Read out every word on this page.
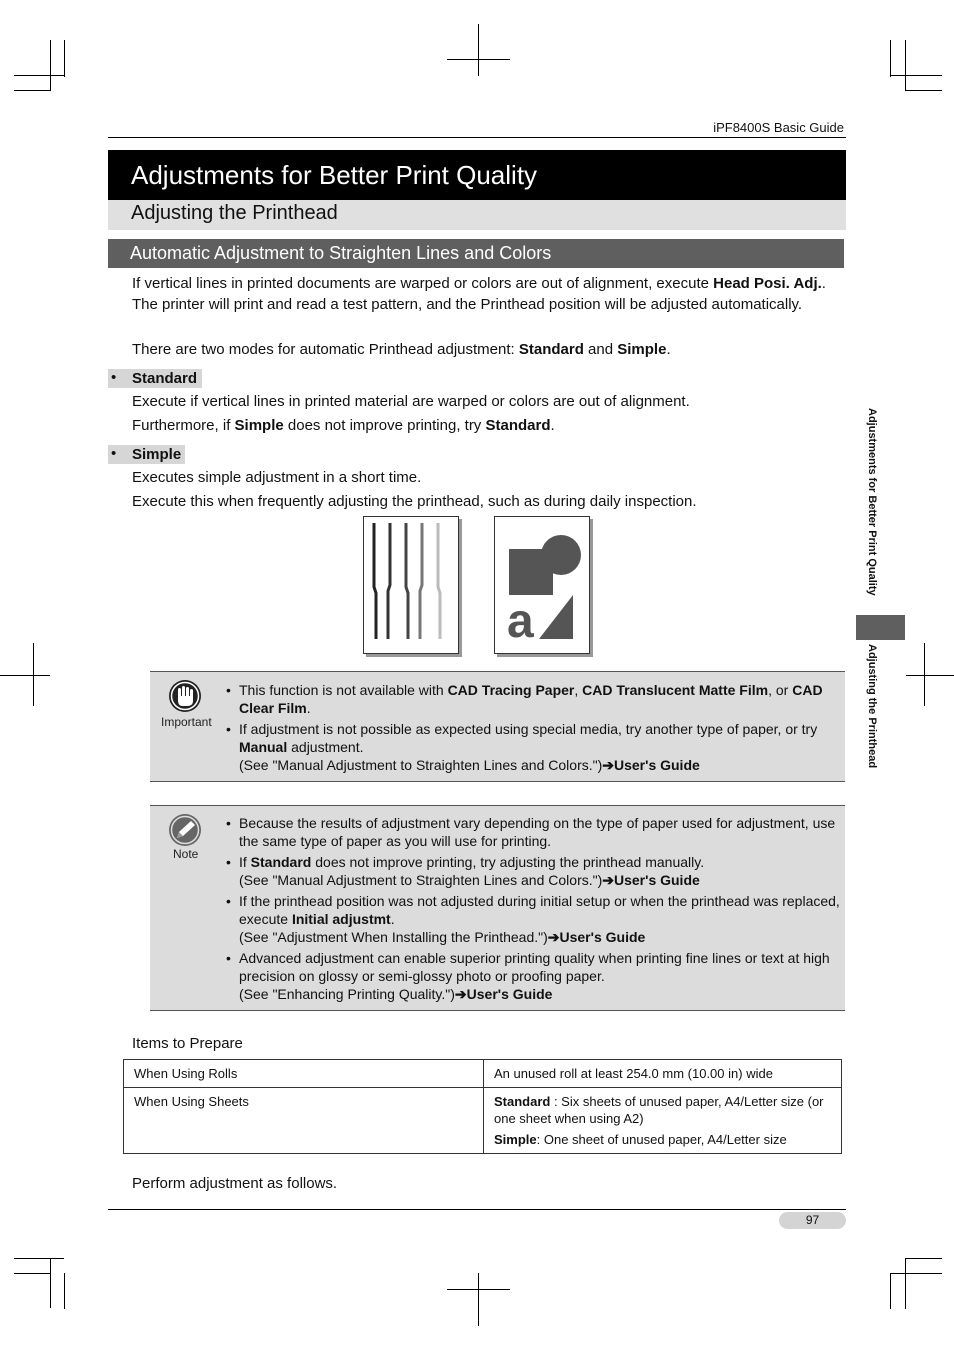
iPF8400S Basic Guide
Adjustments for Better Print Quality
Adjusting the Printhead
Automatic Adjustment to Straighten Lines and Colors
If vertical lines in printed documents are warped or colors are out of alignment, execute Head Posi. Adj.. The printer will print and read a test pattern, and the Printhead position will be adjusted automatically.
There are two modes for automatic Printhead adjustment: Standard and Simple.
• Standard
Execute if vertical lines in printed material are warped or colors are out of alignment.
Furthermore, if Simple does not improve printing, try Standard.
• Simple
Executes simple adjustment in a short time.
Execute this when frequently adjusting the printhead, such as during daily inspection.
a
Important
• This function is not available with CAD Tracing Paper, CAD Translucent Matte Film, or CAD Clear Film.
• If adjustment is not possible as expected using special media, try another type of paper, or try Manual adjustment.
(See "Manual Adjustment to Straighten Lines and Colors.")➔User's Guide
Note
• Because the results of adjustment vary depending on the type of paper used for adjustment, use the same type of paper as you will use for printing.
• If Standard does not improve printing, try adjusting the printhead manually.
(See "Manual Adjustment to Straighten Lines and Colors.")➔User's Guide
• If the printhead position was not adjusted during initial setup or when the printhead was replaced, execute Initial adjustmt.
(See "Adjustment When Installing the Printhead.")➔User's Guide
• Advanced adjustment can enable superior printing quality when printing fine lines or text at high precision on glossy or semi-glossy photo or proofing paper.
(See "Enhancing Printing Quality.")➔User's Guide
Items to Prepare
When Using Rolls	An unused roll at least 254.0 mm (10.00 in) wide
When Using Sheets	Standard : Six sheets of unused paper, A4/Letter size (or one sheet when using A2)
Simple: One sheet of unused paper, A4/Letter size
Perform adjustment as follows.
97
Adjustments for Better Print Quality
Adjusting the Printhead
